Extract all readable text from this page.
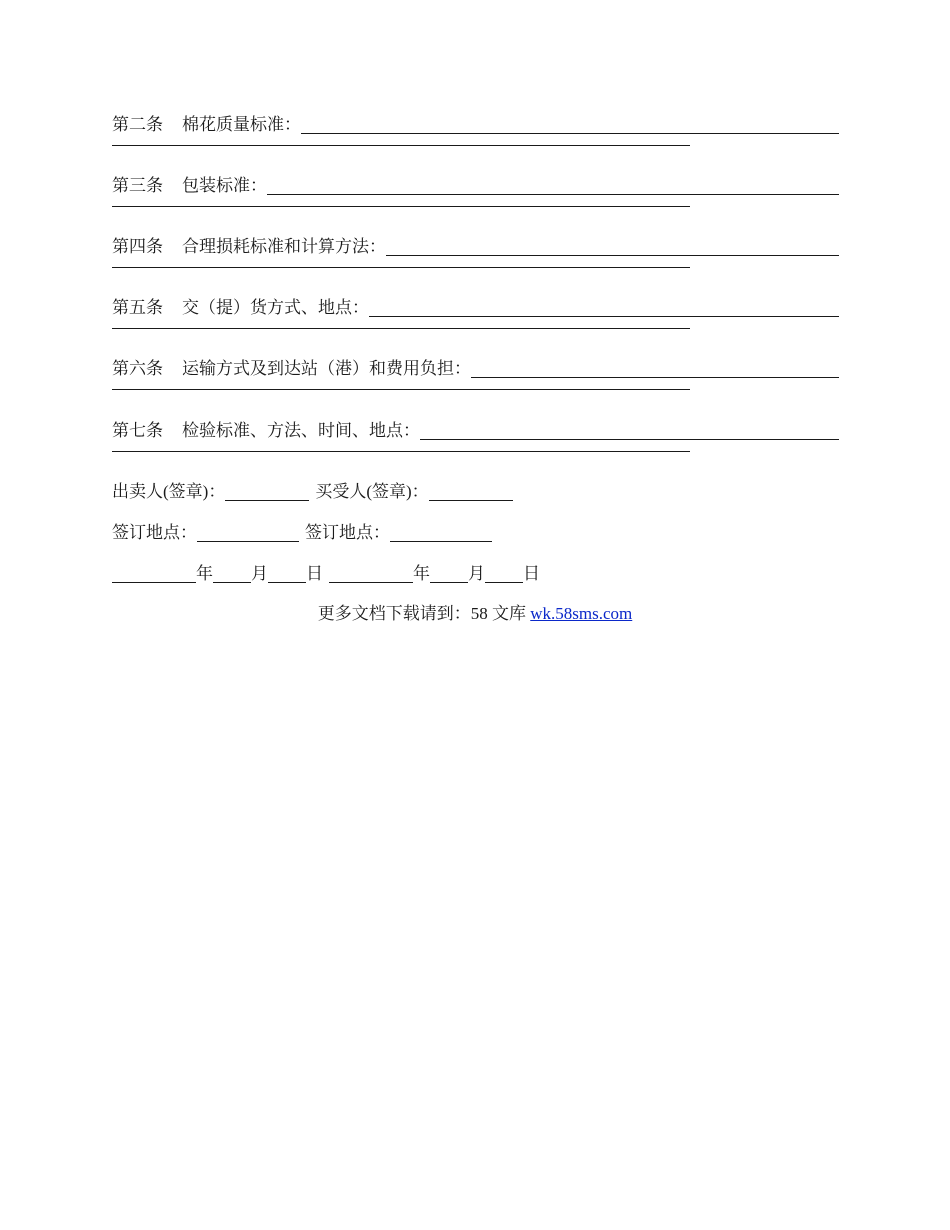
第二条 棉花质量标准：
第三条 包装标准：
第四条 合理损耗标准和计算方法：
第五条 交（提）货方式、地点：
第六条 运输方式及到达站（港）和费用负担：
第七条 检验标准、方法、时间、地点：
出卖人(签章)：	买受人(签章)：
签订地点：	签订地点：
年 月 日	年 月 日
更多文档下载请到：58 文库 wk.58sms.com
